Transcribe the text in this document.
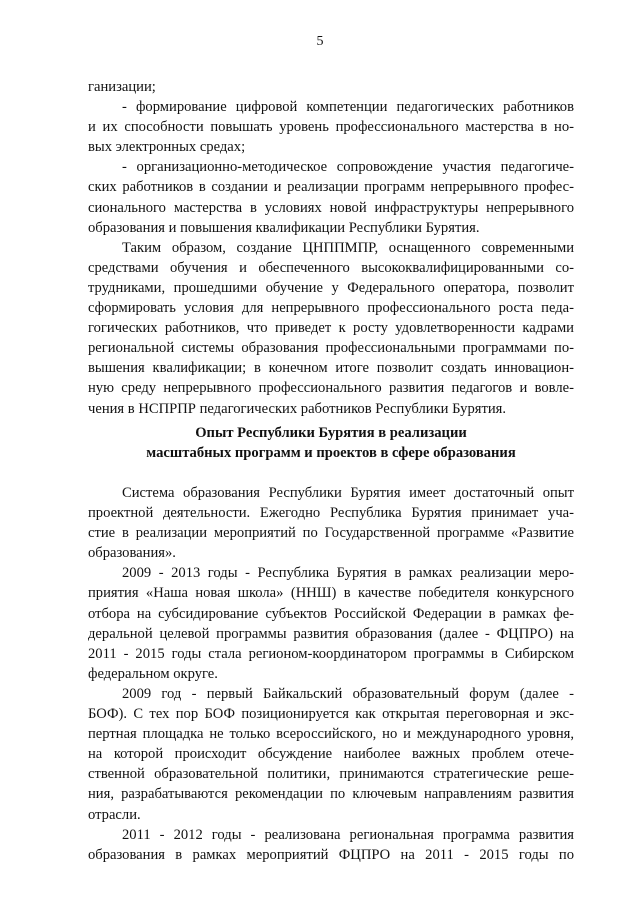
5
ганизации;
- формирование цифровой компетенции педагогических работников
и их способности повышать уровень профессионального мастерства в но-
вых электронных средах;
- организационно-методическое сопровождение участия педагогиче-
ских работников в создании и реализации программ непрерывного профес-
сионального мастерства в условиях новой инфраструктуры непрерывного
образования и повышения квалификации Республики Бурятия.
Таким образом, создание ЦНППМПР, оснащенного современными
средствами обучения и обеспеченного высококвалифицированными со-
трудниками, прошедшими обучение у Федерального оператора, позволит
сформировать условия для непрерывного профессионального роста педа-
гогических работников, что приведет к росту удовлетворенности кадрами
региональной системы образования профессиональными программами по-
вышения квалификации; в конечном итоге позволит создать инновацион-
ную среду непрерывного профессионального развития педагогов и вовле-
чения в НСПРПР педагогических работников Республики Бурятия.
Опыт Республики Бурятия в реализации
масштабных программ и проектов в сфере образования
Система образования Республики Бурятия имеет достаточный опыт
проектной деятельности. Ежегодно Республика Бурятия принимает уча-
стие в реализации мероприятий по Государственной программе «Развитие
образования».
2009 - 2013 годы - Республика Бурятия в рамках реализации меро-
приятия «Наша новая школа» (ННШ) в качестве победителя конкурсного
отбора на субсидирование субъектов Российской Федерации в рамках фе-
деральной целевой программы развития образования (далее - ФЦПРО) на
2011 - 2015 годы стала регионом-координатором программы в Сибирском
федеральном округе.
2009 год - первый Байкальский образовательный форум (далее -
БОФ). С тех пор БОФ позиционируется как открытая переговорная и экс-
пертная площадка не только всероссийского, но и международного уровня,
на которой происходит обсуждение наиболее важных проблем отече-
ственной образовательной политики, принимаются стратегические реше-
ния, разрабатываются рекомендации по ключевым направлениям развития
отрасли.
2011 - 2012 годы - реализована региональная программа развития
образования в рамках мероприятий ФЦПРО на 2011 - 2015 годы по
